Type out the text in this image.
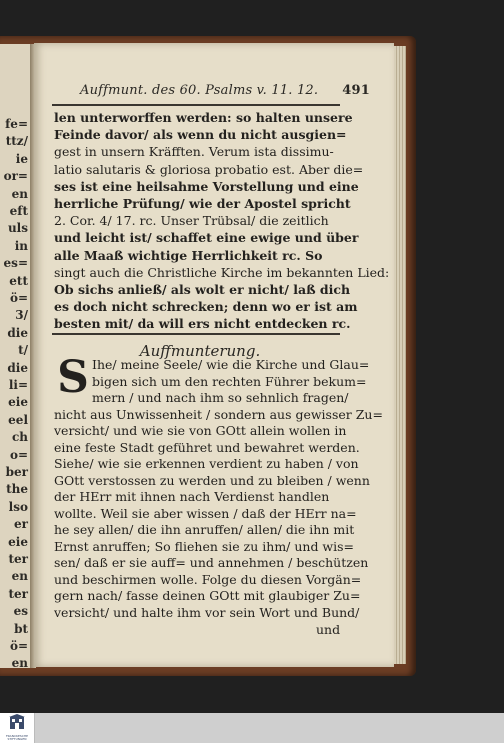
fe=
ttz/
ie
or=
en
eft
uls
in
es=
ett
ö=
3/
die
t/
die
li=
eie
eel
ch
o=
ber
the
lso
er
eie
ter
en
ter
es
bt
ö=
en
Auffmunt. des 60. Psalms v. 11. 12. 491
len unterworffen werden: so halten unsere
Feinde davor/ als wenn du nicht ausgien=
gest in unsern Kräfften. Verum ista dissimu-
latio salutaris & gloriosa probatio est. Aber die=
ses ist eine heilsahme Vorstellung und eine
herrliche Prüfung/ wie der Apostel spricht
2. Cor. 4/ 17. rc. Unser Trübsal/ die zeitlich
und leicht ist/ schaffet eine ewige und über
alle Maaß wichtige Herrlichkeit rc. So
singt auch die Christliche Kirche im bekannten Lied:
Ob sichs anließ/ als wolt er nicht/ laß dich
es doch nicht schrecken; denn wo er ist am
besten mit/ da will ers nicht entdecken rc.
Auffmunterung.
S Ihe/ meine Seele/ wie die Kirche und Glau=
bigen sich um den rechten Führer bekum=
mern / und nach ihm so sehnlich fragen/
nicht aus Unwissenheit / sondern aus gewisser Zu=
versicht/ und wie sie von GOtt allein wollen in
eine feste Stadt geführet und bewahret werden.
Siehe/ wie sie erkennen verdient zu haben / von
GOtt verstossen zu werden und zu bleiben / wenn
der HErr mit ihnen nach Verdienst handlen
wollte. Weil sie aber wissen / daß der HErr na=
he sey allen/ die ihn anruffen/ allen/ die ihn mit
Ernst anruffen; So fliehen sie zu ihm/ und wis=
sen/ daß er sie auff= und annehmen / beschützen
und beschirmen wolle. Folge du diesen Vorgän=
gern nach/ fasse deinen GOtt mit glaubiger Zu=
versicht/ und halte ihm vor sein Wort und Bund/
und
FRANCKESCHE STIFTUNGEN
